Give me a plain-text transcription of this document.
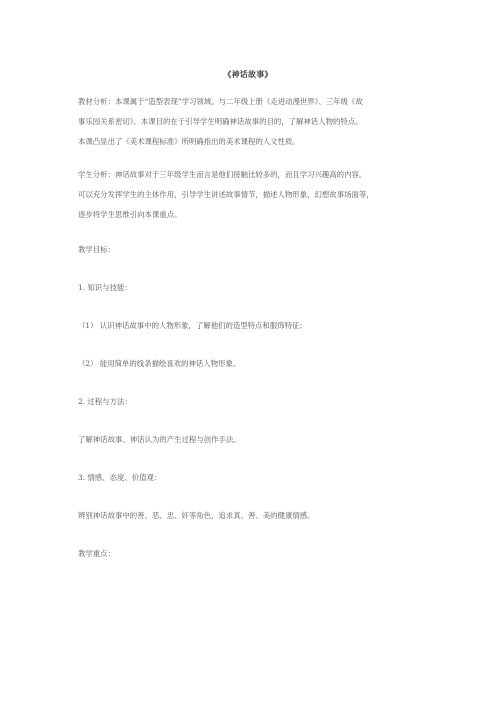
《神话故事》
教材分析：本课属于“造型表现”学习领域。与二年级上册《走进动漫世界》、三年级《故
事乐园关系密切》。本课目的在于引导学生明确神话故事的目的，了解神话人物的特点。
本课凸显出了《美术课程标准》所明确指出的美术课程的人文性质。
学生分析：神话故事对于三年级学生而言是他们接触比较多的，而且学习兴趣高的内容。
可以充分发挥学生的主体作用，引导学生讲述故事情节，描述人物形象，幻想故事场面等，
逐步将学生思维引向本课重点。
教学目标：
1. 知识与技能：
（1） 认识神话故事中的人物形象，了解他们的造型特点和服饰特征；
（2） 能用简单的线条描绘喜欢的神话人物形象。
2. 过程与方法：
了解神话故事、神话认为的产生过程与创作手法。
3. 情感、态度、价值观：
辨别神话故事中的善、恶、忠、奸等角色，追求真、善、美的健康情感。
教学重点：
